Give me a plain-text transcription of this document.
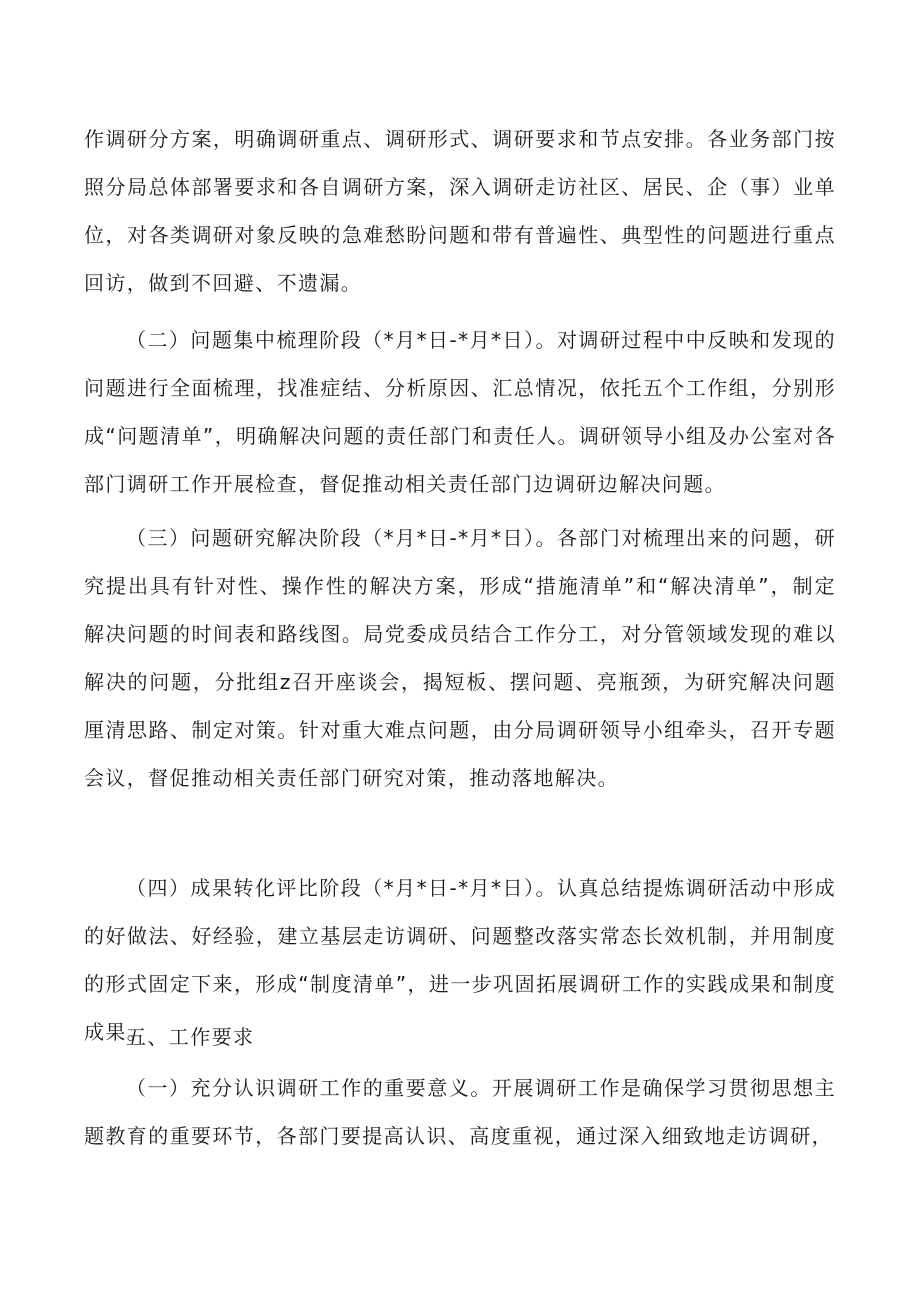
作调研分方案，明确调研重点、调研形式、调研要求和节点安排。各业务部门按照分局总体部署要求和各自调研方案，深入调研走访社区、居民、企（事）业单位，对各类调研对象反映的急难愁盼问题和带有普遍性、典型性的问题进行重点回访，做到不回避、不遗漏。

（二）问题集中梳理阶段（*月*日-*月*日）。对调研过程中中反映和发现的问题进行全面梳理，找准症结、分析原因、汇总情况，依托五个工作组，分别形成“问题清单”，明确解决问题的责任部门和责任人。调研领导小组及办公室对各部门调研工作开展检查，督促推动相关责任部门边调研边解决问题。

（三）问题研究解决阶段（*月*日-*月*日）。各部门对梳理出来的问题，研究提出具有针对性、操作性的解决方案，形成“措施清单”和“解决清单”，制定解决问题的时间表和路线图。局党委成员结合工作分工，对分管领域发现的难以解决的问题，分批组z召开座谈会，揭短板、摆问题、亮瓶颈，为研究解决问题厘清思路、制定对策。针对重大难点问题，由分局调研领导小组牵头，召开专题会议，督促推动相关责任部门研究对策，推动落地解决。

（四）成果转化评比阶段（*月*日-*月*日）。认真总结提炼调研活动中形成的好做法、好经验，建立基层走访调研、问题整改落实常态长效机制，并用制度的形式固定下来，形成“制度清单”，进一步巩固拓展调研工作的实践成果和制度成果。

五、工作要求

（一）充分认识调研工作的重要意义。开展调研工作是确保学习贯彻思想主题教育的重要环节，各部门要提高认识、高度重视，通过深入细致地走访调研，
